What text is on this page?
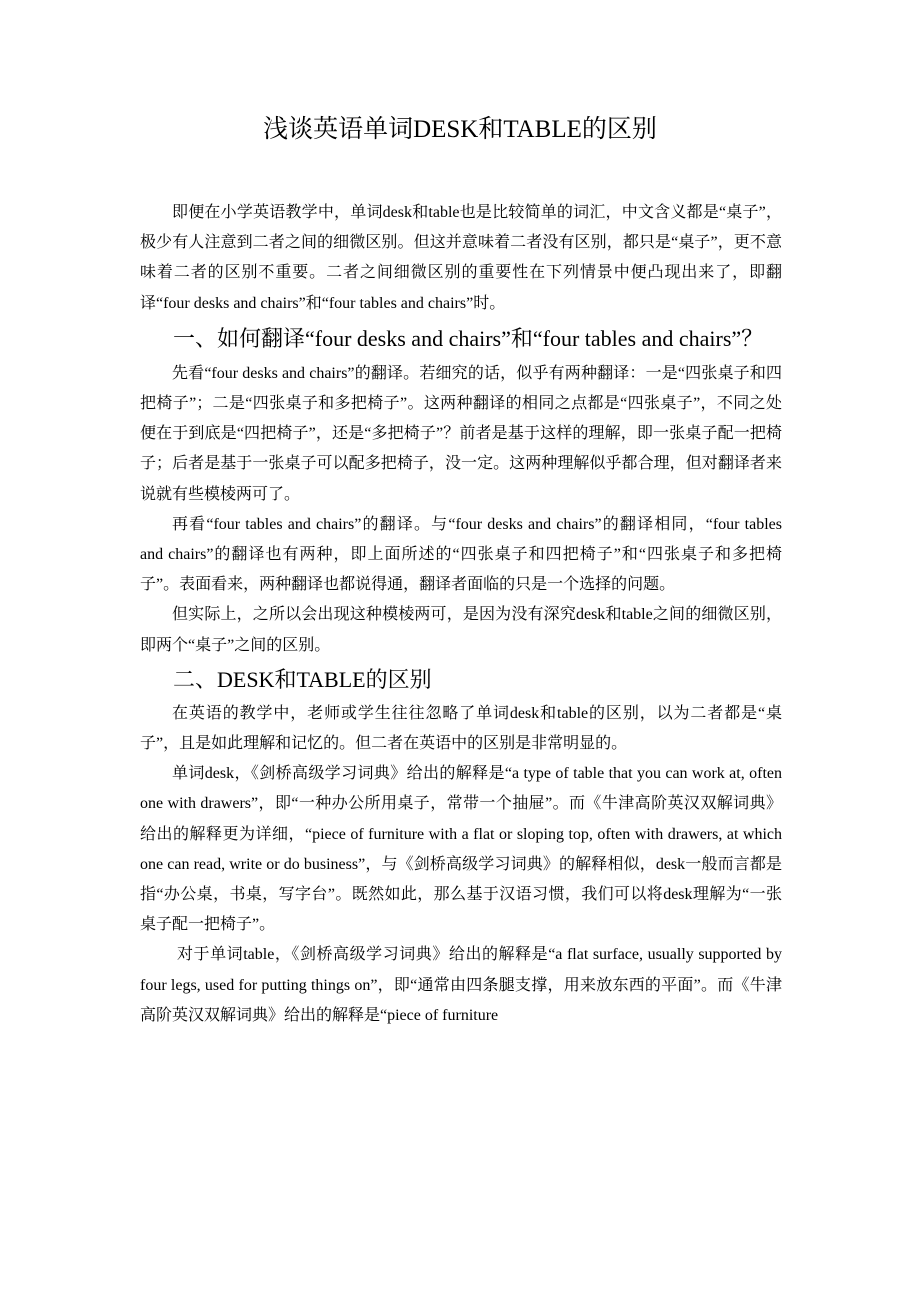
浅谈英语单词DESK和TABLE的区别

即便在小学英语教学中，单词desk和table也是比较简单的词汇，中文含义都是“桌子”，极少有人注意到二者之间的细微区别。但这并意味着二者没有区别，都只是“桌子”，更不意味着二者的区别不重要。二者之间细微区别的重要性在下列情景中便凸现出来了，即翻译“four desks and chairs”和“four tables and chairs”时。

一、如何翻译“four desks and chairs”和“four tables and chairs”？

先看“four desks and chairs”的翻译。若细究的话，似乎有两种翻译：一是“四张桌子和四把椅子”；二是“四张桌子和多把椅子”。这两种翻译的相同之点都是“四张桌子”，不同之处便在于到底是“四把椅子”，还是“多把椅子”？前者是基于这样的理解，即一张桌子配一把椅子；后者是基于一张桌子可以配多把椅子，没一定。这两种理解似乎都合理，但对翻译者来说就有些模棱两可了。

再看“four tables and chairs”的翻译。与“four desks and chairs”的翻译相同，“four tables and chairs”的翻译也有两种，即上面所述的“四张桌子和四把椅子”和“四张桌子和多把椅子”。表面看来，两种翻译也都说得通，翻译者面临的只是一个选择的问题。

但实际上，之所以会出现这种模棱两可，是因为没有深究desk和table之间的细微区别，即两个“桌子”之间的区别。

二、DESK和TABLE的区别

在英语的教学中，老师或学生往往忽略了单词desk和table的区别，以为二者都是“桌子”，且是如此理解和记忆的。但二者在英语中的区别是非常明显的。

单词desk，《剑桥高级学习词典》给出的解释是“a type of table that you can work at, often one with drawers”，即“一种办公所用桌子，常带一个抽屉”。而《牛津高阶英汉双解词典》给出的解释更为详细，“piece of furniture with a flat or sloping top, often with drawers, at which one can read, write or do business”，与《剑桥高级学习词典》的解释相似，desk一般而言都是指“办公桌，书桌，写字台”。既然如此，那么基于汉语习惯，我们可以将desk理解为“一张桌子配一把椅子”。

对于单词table，《剑桥高级学习词典》给出的解释是“a flat surface, usually supported by four legs, used for putting things on”，即“通常由四条腿支撑，用来放东西的平面”。而《牛津高阶英汉双解词典》给出的解释是“piece of furniture
